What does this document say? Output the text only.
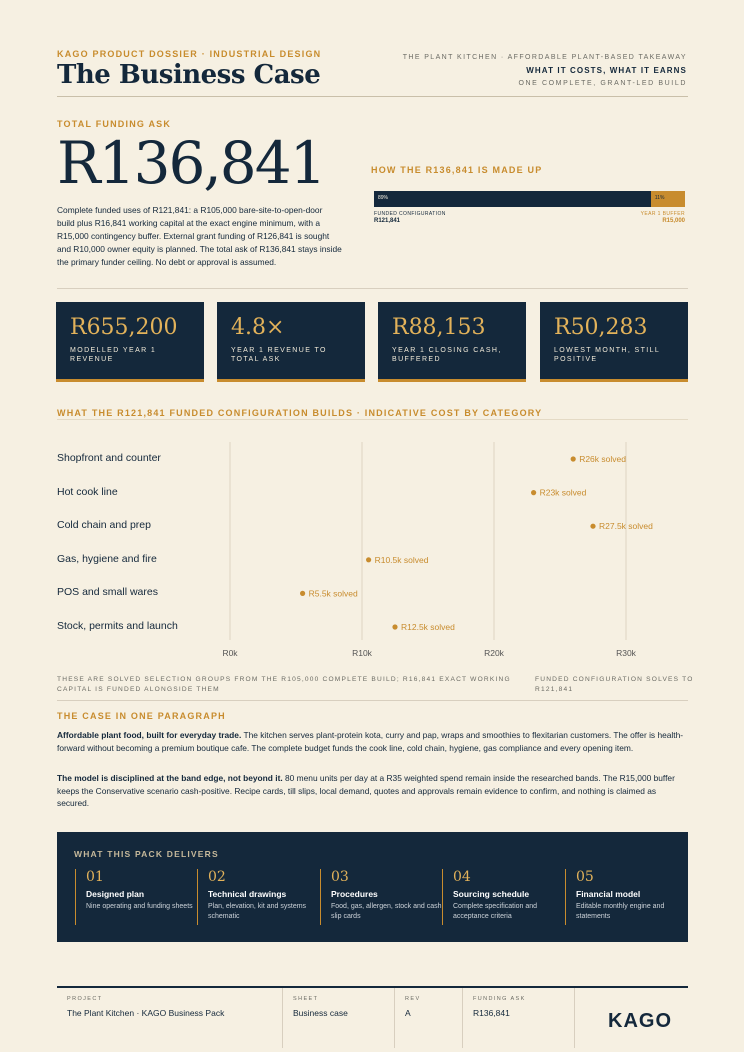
KAGO PRODUCT DOSSIER · INDUSTRIAL DESIGN
The Business Case
THE PLANT KITCHEN · AFFORDABLE PLANT-BASED TAKEAWAY
WHAT IT COSTS, WHAT IT EARNS
ONE COMPLETE, GRANT-LED BUILD
TOTAL FUNDING ASK
R136,841
Complete funded uses of R121,841: a R105,000 bare-site-to-open-door build plus R16,841 working capital at the exact engine minimum, with a R15,000 contingency buffer. External grant funding of R126,841 is sought and R10,000 owner equity is planned. The total ask of R136,841 stays inside the primary funder ceiling. No debt or approval is assumed.
HOW THE R136,841 IS MADE UP
89%	11%
FUNDED CONFIGURATION
R121,841
YEAR 1 BUFFER
R15,000
R655,200
MODELLED YEAR 1 REVENUE
4.8×
YEAR 1 REVENUE TO TOTAL ASK
R88,153
YEAR 1 CLOSING CASH, BUFFERED
R50,283
LOWEST MONTH, STILL POSITIVE
WHAT THE R121,841 FUNDED CONFIGURATION BUILDS · INDICATIVE COST BY CATEGORY
Shopfront and counter
Hot cook line
Cold chain and prep
Gas, hygiene and fire
POS and small wares
Stock, permits and launch
R0k	R10k	R20k	R30k
R26k solved
R23k solved
R27.5k solved
R10.5k solved
R5.5k solved
R12.5k solved
THESE ARE SOLVED SELECTION GROUPS FROM THE R105,000 COMPLETE BUILD; R16,841 EXACT WORKING CAPITAL IS FUNDED ALONGSIDE THEM
FUNDED CONFIGURATION SOLVES TO R121,841
THE CASE IN ONE PARAGRAPH
Affordable plant food, built for everyday trade. The kitchen serves plant-protein kota, curry and pap, wraps and smoothies to flexitarian customers. The offer is health-forward without becoming a premium boutique cafe. The complete budget funds the cook line, cold chain, hygiene, gas compliance and every opening item.
The model is disciplined at the band edge, not beyond it. 80 menu units per day at a R35 weighted spend remain inside the researched bands. The R15,000 buffer keeps the Conservative scenario cash-positive. Recipe cards, till slips, local demand, quotes and approvals remain evidence to confirm, and nothing is claimed as secured.
WHAT THIS PACK DELIVERS
01
Designed plan
Nine operating and funding sheets
02
Technical drawings
Plan, elevation, kit and systems schematic
03
Procedures
Food, gas, allergen, stock and cash slip cards
04
Sourcing schedule
Complete specification and acceptance criteria
05
Financial model
Editable monthly engine and statements
PROJECT
The Plant Kitchen · KAGO Business Pack
SHEET
Business case
REV
A
FUNDING ASK
R136,841	KAGO
